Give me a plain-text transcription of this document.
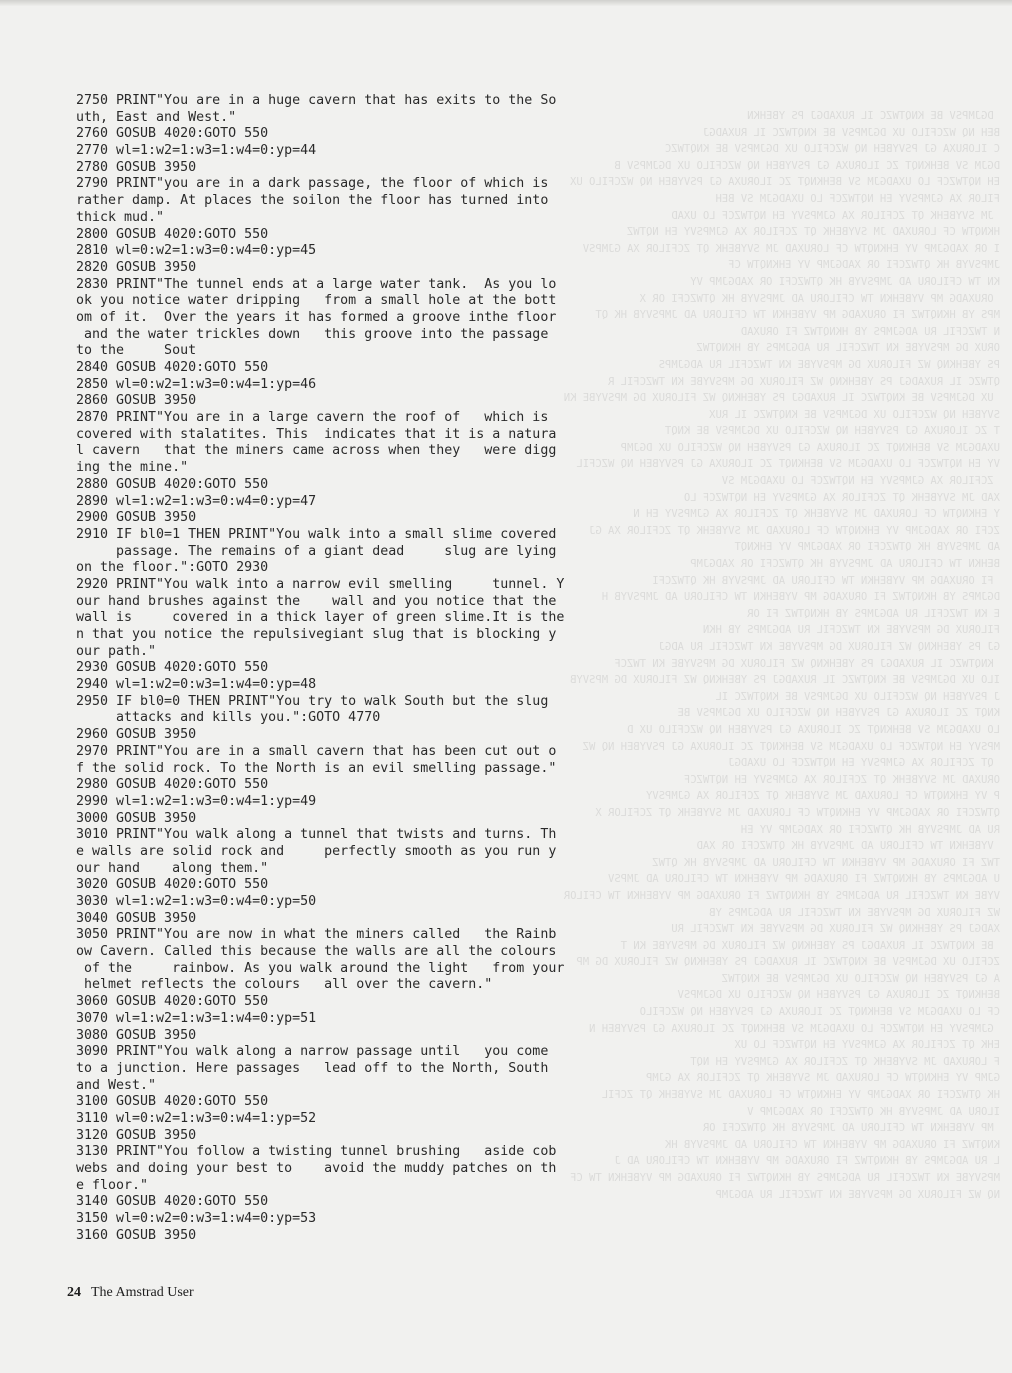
DGJMPSV BE KNQTWZC IL RUXADGJ PS YBEHKN
BEH NQ WZCFILO UX DGJMPSV BE KNQTWZC IL RUXADGJ
C ILORUXA GJ PSVYBEH NQ WZCFILO UX DGJMPSV BE KNQTWZC
DGJM SV BEHKNQT ZC ILORUXA GJ PSVYBEH NQ WZCFILO UX DGJMPSV B
EH NQTWZCF LO UXADGJM SV BEHKNQT ZC ILORUXA GJ PSVYBEH NQ WZCFILO UX
FILOR XA GJMPSVY EH NQTWZCF LO UXADGJM SV BEH
JM SVYBEHK QT ZCFILOR XA GJMPSVY EH NQTWZCF LO UXAD
HKNQTW CF LORUXAD JM SVYBEHK QT ZCFILOR XA GJMPSVY EH NQTWZ
I OR XADGJMP VY EHKNQTW CF LORUXAD JM SVYBEHK QT ZCFILOR XA GJMPSV
JMPSVYB HK QTWZCFI OR XADGJMP VY EHKNQTW CF
KN TW CFILORU AD JMPSVYB HK QTWZCFI OR XADGJMP VY
ORUXADG MP VYBEHKN TW CFILORU AD JMPSVYB HK QTWZCFI OR X
MPS YB HKNQTWZ FI ORUXADG MP VYBEHKN TW CFILORU AD JMPSVYB HK QT
N TWZCFIL RU ADGJMPS YB HKNQTWZ FI ORUXAD
ORUX DG MPSVYBE KN TWZCFIL RU ADGJMPS YB HKNQTWZ
PS YBEHKNQ WZ FILORUX DG MPSVYBE KN TWZCFIL RU ADGJMPS
QTWZC IL RUXADGJ PS YBEHKNQ WZ FILORUX DG MPSVYBE KN TWZCFIL R
UX DGJMPSV BE KNQTWZC IL RUXADGJ PS YBEHKNQ WZ FILORUX DG MPSVYBE KN
SVYBEH NQ WZCFILO UX DGJMPSV BE KNQTWZC IL RUX
T ZC ILORUXA GJ PSVYBEH NQ WZCFILO UX DGJMPSV BE KNQT
UXADGJM SV BEHKNQT ZC ILORUXA GJ PSVYBEH NQ WZCFILO UX DGJMP
VY EH NQTWZCF LO UXADGJM SV BEHKNQT ZC ILORUXA GJ PSVYBEH NQ WZCFIL
ZCFILOR XA GJMPSVY EH NQTWZCF LO UXADGJM SV
XAD JM SVYBEHK QT ZCFILOR XA GJMPSVY EH NQTWZCF LO
Y EHKNQTW CF LORUXAD JM SVYBEHK QT ZCFILOR XA GJMPSVY EH N
ZCFI OR XADGJMP VY EHKNQTW CF LORUXAD JM SVYBEHK QT ZCFILOR XA GJ
AD JMPSVYB HK QTWZCFI OR XADGJMP VY EHKNQT
BEHKN TW CFILORU AD JMPSVYB HK QTWZCFI OR XADGJMP
FI ORUXADG MP VYBEHKN TW CFILORU AD JMPSVYB HK QTWZCFI
DGJMPS YB HKNQTWZ FI ORUXADG MP VYBEHKN TW CFILORU AD JMPSVYB H
E KN TWZCFIL RU ADGJMPS YB HKNQTWZ FI OR
FILORUX DG MPSVYBE KN TWZCFIL RU ADGJMPS YB HKN
GJ PS YBEHKNQ WZ FILORUX DG MPSVYBE KN TWZCFIL RU ADGJ
KNQTWZC IL RUXADGJ PS YBEHKNQ WZ FILORUX DG MPSVYBE KN TWZCF
ILO UX DGJMPSV BE KNQTWZC IL RUXADGJ PS YBEHKNQ WZ FILORUX DG MPSVYB
J PSVYBEH NQ WZCFILO UX DGJMPSV BE KNQTWZC IL
KNQT ZC ILORUXA GJ PSVYBEH NQ WZCFILO UX DGJMPSV BE
LO UXADGJM SV BEHKNQT ZC ILORUXA GJ PSVYBEH NQ WZCFILO UX D
MPSVY EH NQTWZCF LO UXADGJM SV BEHKNQT ZC ILORUXA GJ PSVYBEH NQ WZ
QT ZCFILOR XA GJMPSVY EH NQTWZCF LO UXADGJ
ORUXAD JM SVYBEHK QT ZCFILOR XA GJMPSVY EH NQTWZCF
P VY EHKNQTW CF LORUXAD JM SVYBEHK QT ZCFILOR XA GJMPSVY
QTWZCFI OR XADGJMP VY EHKNQTW CF LORUXAD JM SVYBEHK QT ZCFILOR X
RU AD JMPSVYB HK QTWZCFI OR XADGJMP VY EH
VYBEHKN TW CFILORU AD JMPSVYB HK QTWZCFI OR XAD
TWZ FI ORUXADG MP VYBEHKN TW CFILORU AD JMPSVYB HK QTWZ
U ADGJMPS YB HKNQTWZ FI ORUXADG MP VYBEHKN TW CFILORU AD JMPSV
VYBE KN TWZCFIL RU ADGJMPS YB HKNQTWZ FI ORUXADG MP VYBEHKN TW CFILOR
WZ FILORUX DG MPSVYBE KN TWZCFIL RU ADGJMPS YB
XADGJ PS YBEHKNQ WZ FILORUX DG MPSVYBE KN TWZCFIL RU
BE KNQTWZC IL RUXADGJ PS YBEHKNQ WZ FILORUX DG MPSVYBE KN T
ZCFILO UX DGJMPSV BE KNQTWZC IL RUXADGJ PS YBEHKNQ WZ FILORUX DG MP
A GJ PSVYBEH NQ WZCFILO UX DGJMPSV BE KNQTWZ
BEHKNQT ZC ILORUXA GJ PSVYBEH NQ WZCFILO UX DGJMPSV
CF LO UXADGJM SV BEHKNQT ZC ILORUXA GJ PSVYBEH NQ WZCFILO
GJMPSVY EH NQTWZCF LO UXADGJM SV BEHKNQT ZC ILORUXA GJ PSVYBEH N
EHK QT ZCFILOR XA GJMPSVY EH NQTWZCF LO UX
F LORUXAD JM SVYBEHK QT ZCFILOR XA GJMPSVY EH NQT
GJMP VY EHKNQTW CF LORUXAD JM SVYBEHK QT ZCFILOR XA GJMP
HK QTWZCFI OR XADGJMP VY EHKNQTW CF LORUXAD JM SVYBEHK QT ZCFIL
ILORU AD JMPSVYB HK QTWZCFI OR XADGJMP V
MP VYBEHKN TW CFILORU AD JMPSVYB HK QTWZCFI OR
KNQTWZ FI ORUXADG MP VYBEHKN TW CFILORU AD JMPSVYB HK
L RU ADGJMPS YB HKNQTWZ FI ORUXADG MP VYBEHKN TW CFILORU AD J
MPSVYBE KN TWZCFIL RU ADGJMPS YB HKNQTWZ FI ORUXADG MP VYBEHKN TW CF
NQ WZ FILORUX DG MPSVYBE KN TWZCFIL RU ADGJMP
2750 PRINT"You are in a huge cavern that has exits to the So
uth, East and West."
2760 GOSUB 4020:GOTO 550
2770 wl=1:w2=1:w3=1:w4=0:yp=44
2780 GOSUB 3950
2790 PRINT"you are in a dark passage, the floor of which is
rather damp. At places the soilon the floor has turned into
thick mud."
2800 GOSUB 4020:GOTO 550
2810 wl=0:w2=1:w3=0:w4=0:yp=45
2820 GOSUB 3950
2830 PRINT"The tunnel ends at a large water tank.  As you lo
ok you notice water dripping   from a small hole at the bott
om of it.  Over the years it has formed a groove inthe floor
and the water trickles down   this groove into the passage
to the     Sout
2840 GOSUB 4020:GOTO 550
2850 wl=0:w2=1:w3=0:w4=1:yp=46
2860 GOSUB 3950
2870 PRINT"You are in a large cavern the roof of   which is
covered with stalatites. This  indicates that it is a natura
l cavern   that the miners came across when they   were digg
ing the mine."
2880 GOSUB 4020:GOTO 550
2890 wl=1:w2=1:w3=0:w4=0:yp=47
2900 GOSUB 3950
2910 IF bl0=1 THEN PRINT"You walk into a small slime covered
passage. The remains of a giant dead     slug are lying
on the floor.":GOTO 2930
2920 PRINT"You walk into a narrow evil smelling     tunnel. Y
our hand brushes against the    wall and you notice that the
wall is     covered in a thick layer of green slime.It is the
n that you notice the repulsivegiant slug that is blocking y
our path."
2930 GOSUB 4020:GOTO 550
2940 wl=1:w2=0:w3=1:w4=0:yp=48
2950 IF bl0=0 THEN PRINT"You try to walk South but the slug
attacks and kills you.":GOTO 4770
2960 GOSUB 3950
2970 PRINT"You are in a small cavern that has been cut out o
f the solid rock. To the North is an evil smelling passage."
2980 GOSUB 4020:GOTO 550
2990 wl=1:w2=1:w3=0:w4=1:yp=49
3000 GOSUB 3950
3010 PRINT"You walk along a tunnel that twists and turns. Th
e walls are solid rock and     perfectly smooth as you run y
our hand    along them."
3020 GOSUB 4020:GOTO 550
3030 wl=1:w2=1:w3=0:w4=0:yp=50
3040 GOSUB 3950
3050 PRINT"You are now in what the miners called   the Rainb
ow Cavern. Called this because the walls are all the colours
of the     rainbow. As you walk around the light   from your
helmet reflects the colours   all over the cavern."
3060 GOSUB 4020:GOTO 550
3070 wl=1:w2=1:w3=1:w4=0:yp=51
3080 GOSUB 3950
3090 PRINT"You walk along a narrow passage until   you come
to a junction. Here passages   lead off to the North, South
and West."
3100 GOSUB 4020:GOTO 550
3110 wl=0:w2=1:w3=0:w4=1:yp=52
3120 GOSUB 3950
3130 PRINT"You follow a twisting tunnel brushing   aside cob
webs and doing your best to    avoid the muddy patches on th
e floor."
3140 GOSUB 4020:GOTO 550
3150 wl=0:w2=0:w3=1:w4=0:yp=53
3160 GOSUB 3950
24 The Amstrad User
